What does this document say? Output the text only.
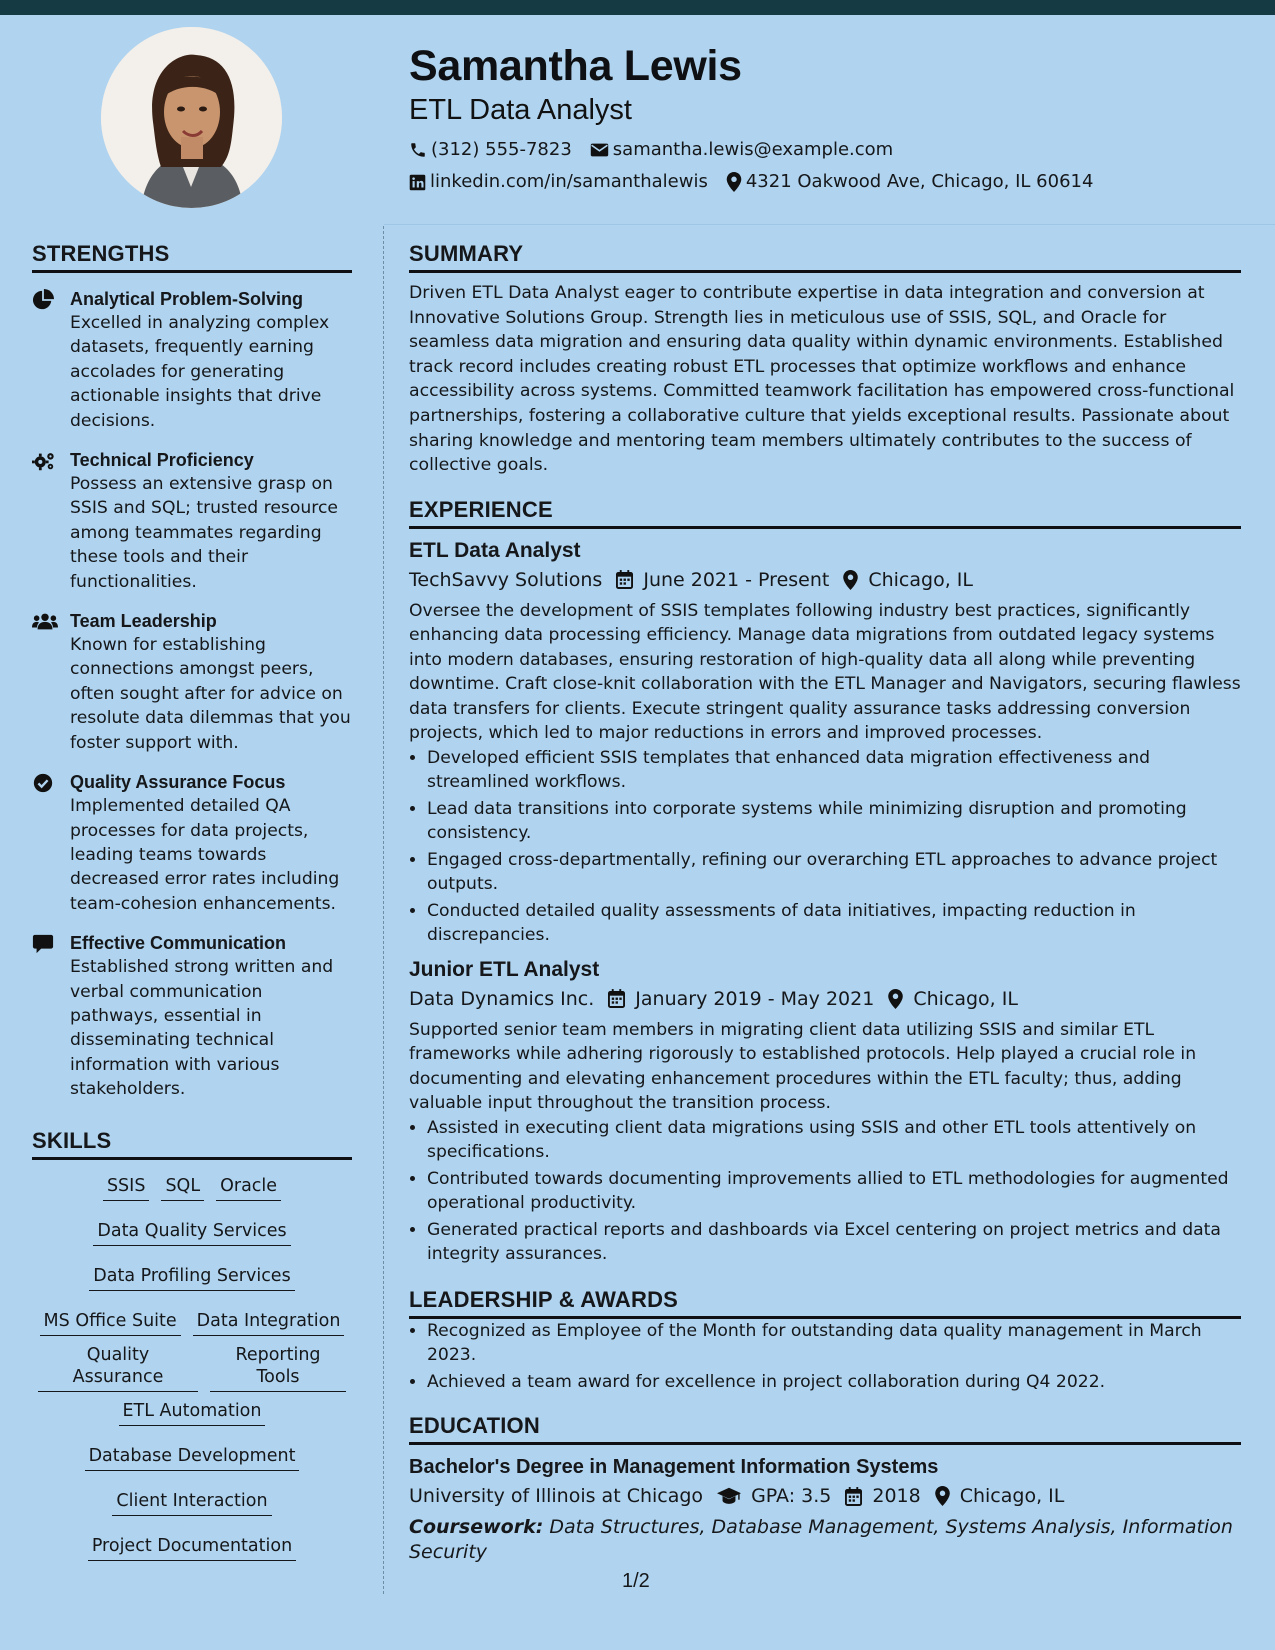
Samantha Lewis
ETL Data Analyst
(312) 555-7823 samantha.lewis@example.com
linkedin.com/in/samanthalewis 4321 Oakwood Ave, Chicago, IL 60614
STRENGTHS
Analytical Problem-Solving
Excelled in analyzing complex datasets, frequently earning accolades for generating actionable insights that drive decisions.
Technical Proficiency
Possess an extensive grasp on SSIS and SQL; trusted resource among teammates regarding these tools and their functionalities.
Team Leadership
Known for establishing connections amongst peers, often sought after for advice on resolute data dilemmas that you foster support with.
Quality Assurance Focus
Implemented detailed QA processes for data projects, leading teams towards decreased error rates including team-cohesion enhancements.
Effective Communication
Established strong written and verbal communication pathways, essential in disseminating technical information with various stakeholders.
SKILLS
SSIS SQL Oracle
Data Quality Services
Data Profiling Services
MS Office Suite Data Integration
Quality Assurance
Reporting Tools
ETL Automation
Database Development
Client Interaction
Project Documentation
SUMMARY
Driven ETL Data Analyst eager to contribute expertise in data integration and conversion at Innovative Solutions Group. Strength lies in meticulous use of SSIS, SQL, and Oracle for seamless data migration and ensuring data quality within dynamic environments. Established track record includes creating robust ETL processes that optimize workflows and enhance accessibility across systems. Committed teamwork facilitation has empowered cross-functional partnerships, fostering a collaborative culture that yields exceptional results. Passionate about sharing knowledge and mentoring team members ultimately contributes to the success of collective goals.
EXPERIENCE
ETL Data Analyst
TechSavvy Solutions June 2021 - Present Chicago, IL
Oversee the development of SSIS templates following industry best practices, significantly enhancing data processing efficiency. Manage data migrations from outdated legacy systems into modern databases, ensuring restoration of high-quality data all along while preventing downtime. Craft close-knit collaboration with the ETL Manager and Navigators, securing flawless data transfers for clients. Execute stringent quality assurance tasks addressing conversion projects, which led to major reductions in errors and improved processes.
• Developed efficient SSIS templates that enhanced data migration effectiveness and streamlined workflows.
• Lead data transitions into corporate systems while minimizing disruption and promoting consistency.
• Engaged cross-departmentally, refining our overarching ETL approaches to advance project outputs.
• Conducted detailed quality assessments of data initiatives, impacting reduction in discrepancies.
Junior ETL Analyst
Data Dynamics Inc. January 2019 - May 2021 Chicago, IL
Supported senior team members in migrating client data utilizing SSIS and similar ETL frameworks while adhering rigorously to established protocols. Help played a crucial role in documenting and elevating enhancement procedures within the ETL faculty; thus, adding valuable input throughout the transition process.
• Assisted in executing client data migrations using SSIS and other ETL tools attentively on specifications.
• Contributed towards documenting improvements allied to ETL methodologies for augmented operational productivity.
• Generated practical reports and dashboards via Excel centering on project metrics and data integrity assurances.
LEADERSHIP & AWARDS
• Recognized as Employee of the Month for outstanding data quality management in March 2023.
• Achieved a team award for excellence in project collaboration during Q4 2022.
EDUCATION
Bachelor's Degree in Management Information Systems
University of Illinois at Chicago	GPA: 3.5 2018 Chicago, IL
Coursework: Data Structures, Database Management, Systems Analysis, Information Security
1/2
